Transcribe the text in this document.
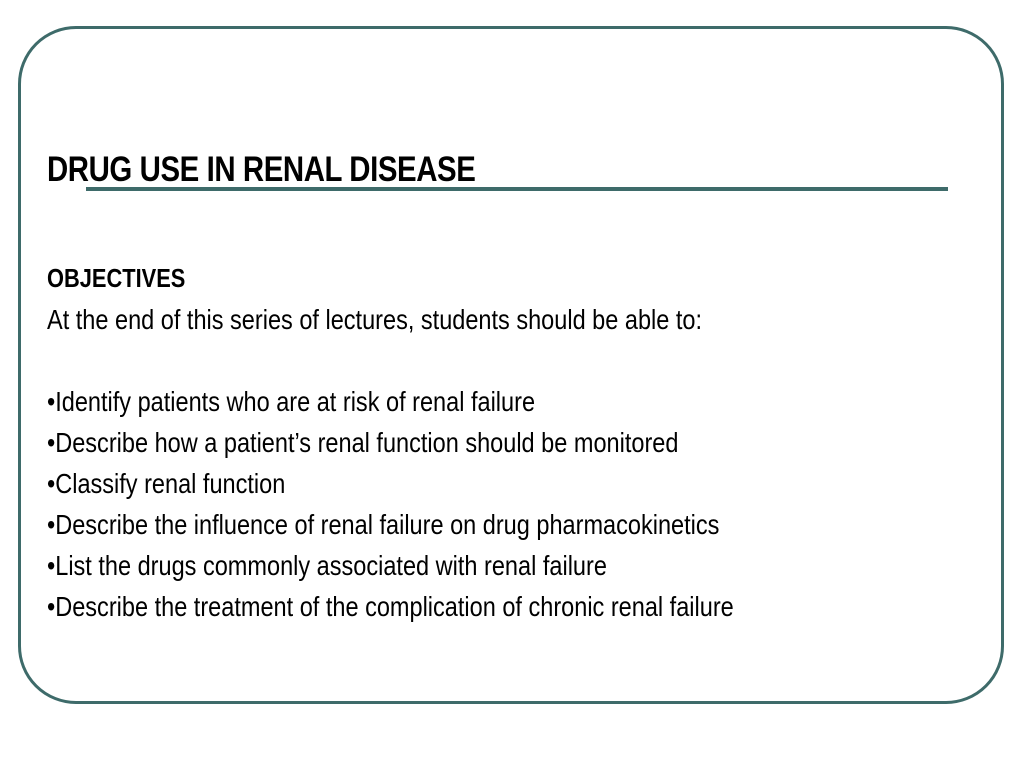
DRUG USE IN RENAL DISEASE
OBJECTIVES
At the end of this series of lectures, students should be able to:
•Identify patients who are at risk of renal failure
•Describe how a patient’s renal function should be monitored
•Classify renal function
•Describe the influence of renal failure on drug pharmacokinetics
•List the drugs commonly associated with renal failure
•Describe the treatment of the complication of chronic renal failure
